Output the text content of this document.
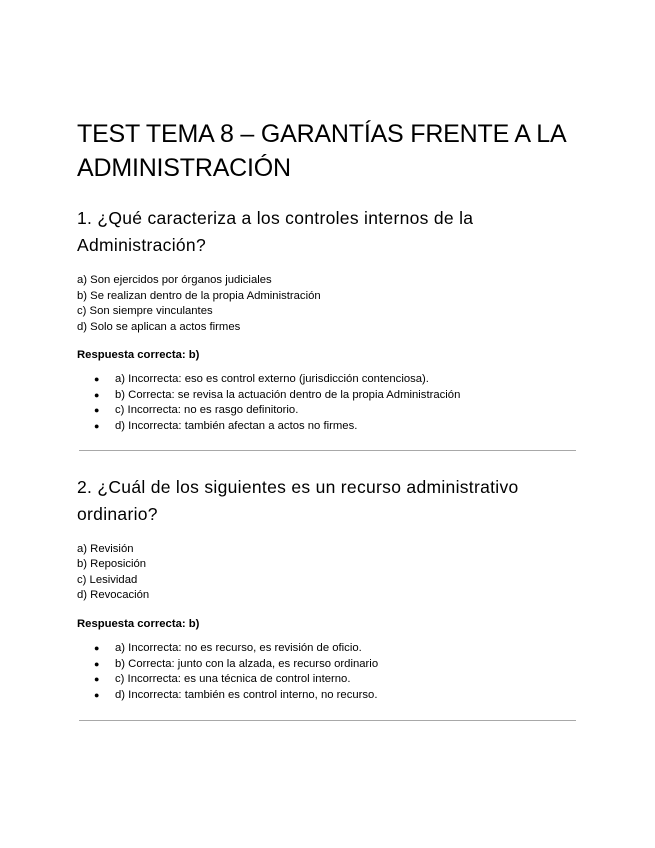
TEST TEMA 8 – GARANTÍAS FRENTE A LA ADMINISTRACIÓN
1. ¿Qué caracteriza a los controles internos de la Administración?
a) Son ejercidos por órganos judiciales
b) Se realizan dentro de la propia Administración
c) Son siempre vinculantes
d) Solo se aplican a actos firmes
Respuesta correcta: b)
● a) Incorrecta: eso es control externo (jurisdicción contenciosa).
● b) Correcta: se revisa la actuación dentro de la propia Administración
● c) Incorrecta: no es rasgo definitorio.
● d) Incorrecta: también afectan a actos no firmes.
2. ¿Cuál de los siguientes es un recurso administrativo ordinario?
a) Revisión
b) Reposición
c) Lesividad
d) Revocación
Respuesta correcta: b)
● a) Incorrecta: no es recurso, es revisión de oficio.
● b) Correcta: junto con la alzada, es recurso ordinario
● c) Incorrecta: es una técnica de control interno.
● d) Incorrecta: también es control interno, no recurso.
